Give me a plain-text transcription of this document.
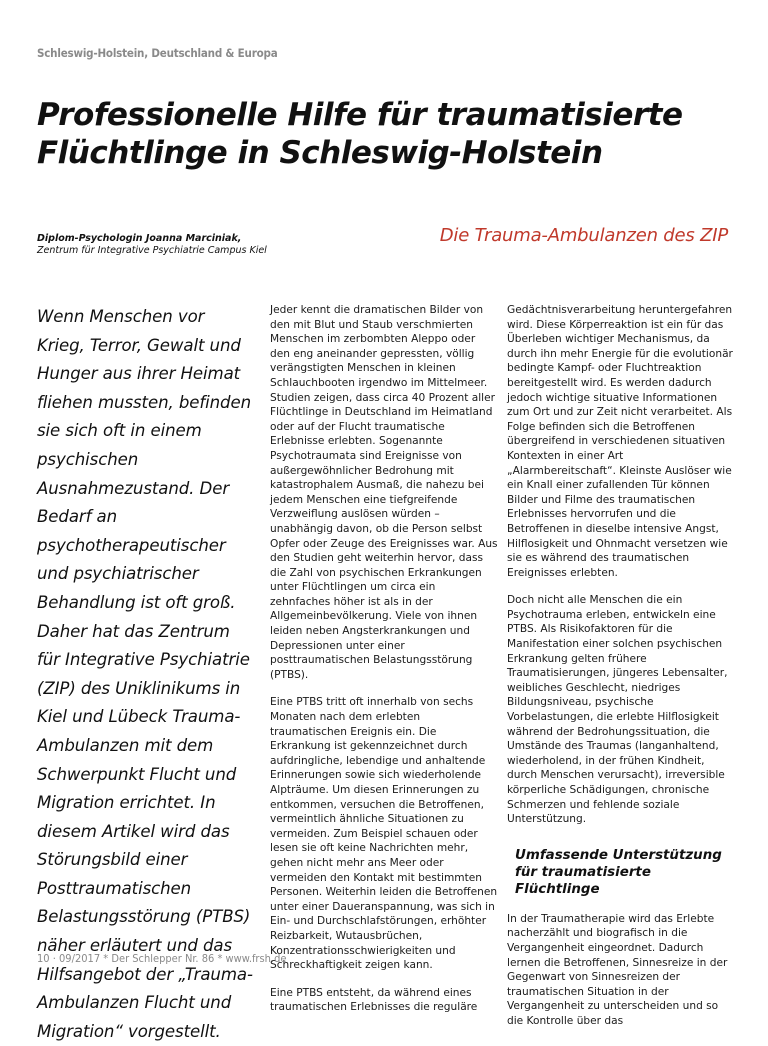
Schleswig-Holstein, Deutschland & Europa
Professionelle Hilfe für traumatisierte Flüchtlinge in Schleswig-Holstein
Diplom-Psychologin Joanna Marciniak,
Zentrum für Integrative Psychiatrie Campus Kiel
Die Trauma-Ambulanzen des ZIP

Wenn Menschen vor Krieg, Terror, Gewalt und Hunger aus ihrer Heimat fliehen mussten, befinden sie sich oft in einem psychischen Ausnahmezustand. Der Bedarf an psychotherapeutischer und psychiatrischer Behandlung ist oft groß. Daher hat das Zentrum für Integrative Psychiatrie (ZIP) des Uniklinikums in Kiel und Lübeck Trauma-Ambulanzen mit dem Schwerpunkt Flucht und Migration errichtet. In diesem Artikel wird das Störungsbild einer Posttraumatischen Belastungsstörung (PTBS) näher erläutert und das Hilfsangebot der „Trauma-Ambulanzen Flucht und Migration“ vorgestellt.

Jeder kennt die dramatischen Bilder von den mit Blut und Staub verschmierten Menschen im zerbombten Aleppo oder den eng aneinander gepressten, völlig verängstigten Menschen in kleinen Schlauchbooten irgendwo im Mittelmeer. Studien zeigen, dass circa 40 Prozent aller Flüchtlinge in Deutschland im Heimatland oder auf der Flucht traumatische Erlebnisse erlebten. Sogenannte Psychotraumata sind Ereignisse von außergewöhnlicher Bedrohung mit katastrophalem Ausmaß, die nahezu bei jedem Menschen eine tiefgreifende Verzweiflung auslösen würden – unabhängig davon, ob die Person selbst Opfer oder Zeuge des Ereignisses war. Aus den Studien geht weiterhin hervor, dass die Zahl von psychischen Erkrankungen unter Flüchtlingen um circa ein zehnfaches höher ist als in der Allgemeinbevölkerung. Viele von ihnen leiden neben Angsterkrankungen und Depressionen unter einer posttraumatischen Belastungsstörung (PTBS).

Eine PTBS tritt oft innerhalb von sechs Monaten nach dem erlebten traumatischen Ereignis ein. Die Erkrankung ist gekennzeichnet durch aufdringliche, lebendige und anhaltende Erinnerungen sowie sich wiederholende Alpträume. Um diesen Erinnerungen zu entkommen, versuchen die Betroffenen, vermeintlich ähnliche Situationen zu vermeiden. Zum Beispiel schauen oder lesen sie oft keine Nachrichten mehr, gehen nicht mehr ans Meer oder vermeiden den Kontakt mit bestimmten Personen. Weiterhin leiden die Betroffenen unter einer Daueranspannung, was sich in Ein- und Durchschlafstörungen, erhöhter Reizbarkeit, Wutausbrüchen, Konzentrationsschwierigkeiten und Schreckhaftigkeit zeigen kann.

Eine PTBS entsteht, da während eines traumatischen Erlebnisses die reguläre

Gedächtnisverarbeitung heruntergefahren wird. Diese Körperreaktion ist ein für das Überleben wichtiger Mechanismus, da durch ihn mehr Energie für die evolutionär bedingte Kampf- oder Fluchtreaktion bereitgestellt wird. Es werden dadurch jedoch wichtige situative Informationen zum Ort und zur Zeit nicht verarbeitet. Als Folge befinden sich die Betroffenen übergreifend in verschiedenen situativen Kontexten in einer Art „Alarmbereitschaft“. Kleinste Auslöser wie ein Knall einer zufallenden Tür können Bilder und Filme des traumatischen Erlebnisses hervorrufen und die Betroffenen in dieselbe intensive Angst, Hilflosigkeit und Ohnmacht versetzen wie sie es während des traumatischen Ereignisses erlebten.

Doch nicht alle Menschen die ein Psychotrauma erleben, entwickeln eine PTBS. Als Risikofaktoren für die Manifestation einer solchen psychischen Erkrankung gelten frühere Traumatisierungen, jüngeres Lebensalter, weibliches Geschlecht, niedriges Bildungsniveau, psychische Vorbelastungen, die erlebte Hilflosigkeit während der Bedrohungssituation, die Umstände des Traumas (langanhaltend, wiederholend, in der frühen Kindheit, durch Menschen verursacht), irreversible körperliche Schädigungen, chronische Schmerzen und fehlende soziale Unterstützung.

Umfassende Unterstützung
für traumatisierte Flüchtlinge

In der Traumatherapie wird das Erlebte nacherzählt und biografisch in die Vergangenheit eingeordnet. Dadurch lernen die Betroffenen, Sinnesreize in der Gegenwart von Sinnesreizen der traumatischen Situation in der Vergangenheit zu unterscheiden und so die Kontrolle über das

10 · 09/2017 * Der Schlepper Nr. 86 * www.frsh.de
